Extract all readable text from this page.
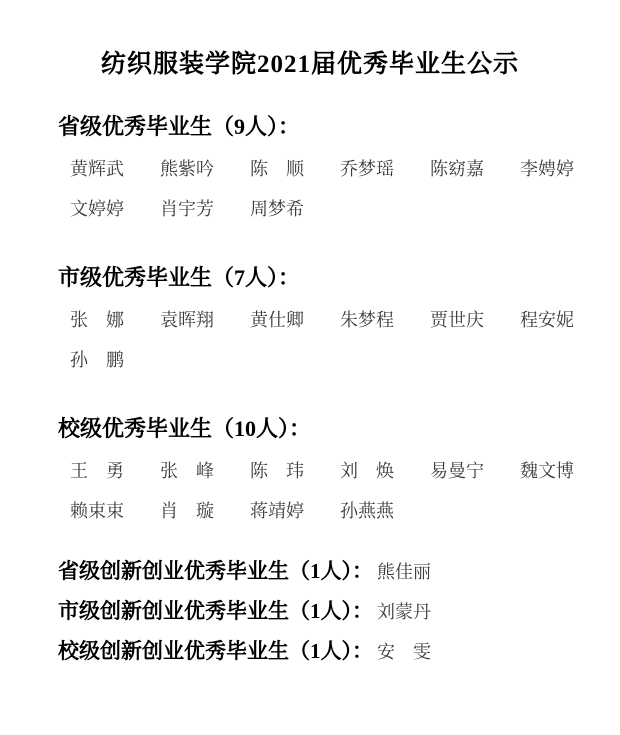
纺织服装学院2021届优秀毕业生公示
省级优秀毕业生（9人）：
黄辉武	熊紫吟	陈　顺	乔梦瑶	陈窈嘉	李娉婷
文婷婷	肖宇芳	周梦希
市级优秀毕业生（7人）：
张　娜	袁晖翔	黄仕卿	朱梦程	贾世庆	程安妮
孙　鹏
校级优秀毕业生（10人）：
王　勇	张　峰	陈　玮	刘　焕	易曼宁	魏文博
赖束束	肖　璇	蒋靖婷	孙燕燕
省级创新创业优秀毕业生（1人）： 熊佳丽
市级创新创业优秀毕业生（1人）： 刘蒙丹
校级创新创业优秀毕业生（1人）： 安　雯
